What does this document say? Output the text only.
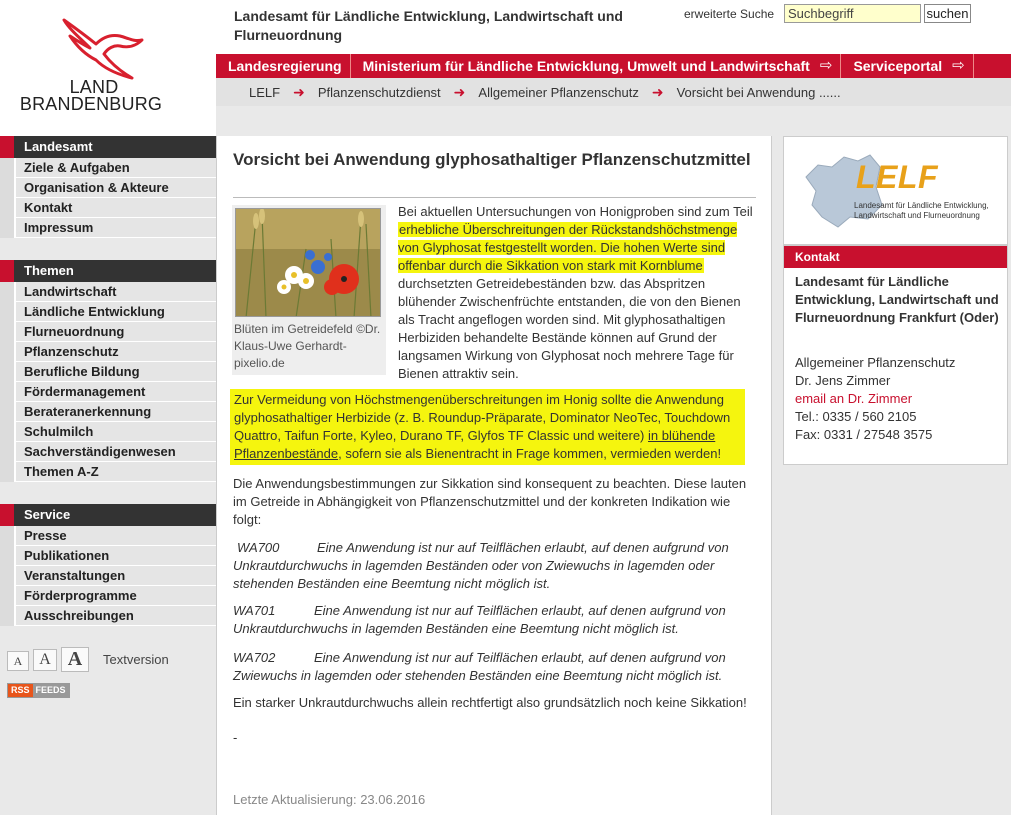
LAND
BRANDENBURG
Landesamt für Ländliche Entwicklung, Landwirtschaft und Flurneuordnung
erweiterte Suche
Suchbegriff	suchen
Landesregierung Ministerium für Ländliche Entwicklung, Umwelt und Landwirtschaft ⇨ Serviceportal ⇨
LELF ➜ Pflanzenschutzdienst ➜ Allgemeiner Pflanzenschutz ➜ Vorsicht bei Anwendung ......
Landesamt
Ziele & Aufgaben
Organisation & Akteure
Kontakt
Impressum
Themen
Landwirtschaft
Ländliche Entwicklung
Flurneuordnung
Pflanzenschutz
Berufliche Bildung
Fördermanagement
Beraterane​rkennung
Schulmilch
Sachverständigenwesen
Themen A-Z
Service
Presse
Publikationen
Veranstaltungen
Förderprogramme
Ausschreibungen
A	A A	Textversion
RSS FEEDS
Vorsicht bei Anwendung glyphosathaltiger Pflanzenschutzmittel
Blüten im Getreidefeld ©Dr. Klaus-Uwe Gerhardt-pixelio.de
Bei aktuellen Untersuchungen von Honigproben sind zum Teil erhebliche Überschreitungen der Rückstandshöchstmenge von Glyphosat festgestellt worden. Die hohen Werte sind offenbar durch die Sikkation von stark mit Kornblume durchsetzten Getreidebeständen bzw. das Abspritzen blühender Zwischenfrüchte entstanden, die von den Bienen als Tracht angeflogen worden sind. Mit glyphosathaltigen Herbiziden behandelte Bestände können auf Grund der langsamen Wirkung von Glyphosat noch mehrere Tage für Bienen attraktiv sein.
Zur Vermeidung von Höchstmengenüberschreitungen im Honig sollte die Anwendung glyphosathaltiger Herbizide (z. B. Roundup-Präparate, Dominator NeoTec, Touchdown Quattro, Taifun Forte, Kyleo, Durano TF, Glyfos TF Classic und weitere) in blühende Pflanzenbestände, sofern sie als Bienentracht in Frage kommen, vermieden werden!
Die Anwendungsbestimmungen zur Sikkation sind konsequent zu beachten. Diese lauten im Getreide in Abhängigkeit von Pflanzenschutzmittel und der konkreten Indikation wie folgt:
WA700	Eine Anwendung ist nur auf Teilflächen erlaubt, auf denen aufgrund von Unkrautdurchwuchs in lagemden Beständen oder von Zwiewuchs in lagemden oder stehenden Beständen eine Beemtung nicht möglich ist.
WA701	Eine Anwendung ist nur auf Teilflächen erlaubt, auf denen aufgrund von Unkrautdurchwuchs in lagemden Beständen eine Beemtung nicht möglich ist.
WA702	Eine Anwendung ist nur auf Teilflächen erlaubt, auf denen aufgrund von Zwiewuchs in lagemden oder stehenden Beständen eine Beemtung nicht möglich ist.
Ein starker Unkrautdurchwuchs allein rechtfertigt also grundsätzlich noch keine Sikkation!
-
Letzte Aktualisierung: 23.06.2016
LELF
Landesamt für Ländliche Entwicklung, Landwirtschaft und Flurneuordnung
Kontakt
Landesamt für Ländliche Entwicklung, Landwirtschaft und Flurneuordnung Frankfurt (Oder)
Allgemeiner Pflanzenschutz
Dr. Jens Zimmer
email an Dr. Zimmer
Tel.: 0335 / 560 2105
Fax: 0331 / 27548 3575
